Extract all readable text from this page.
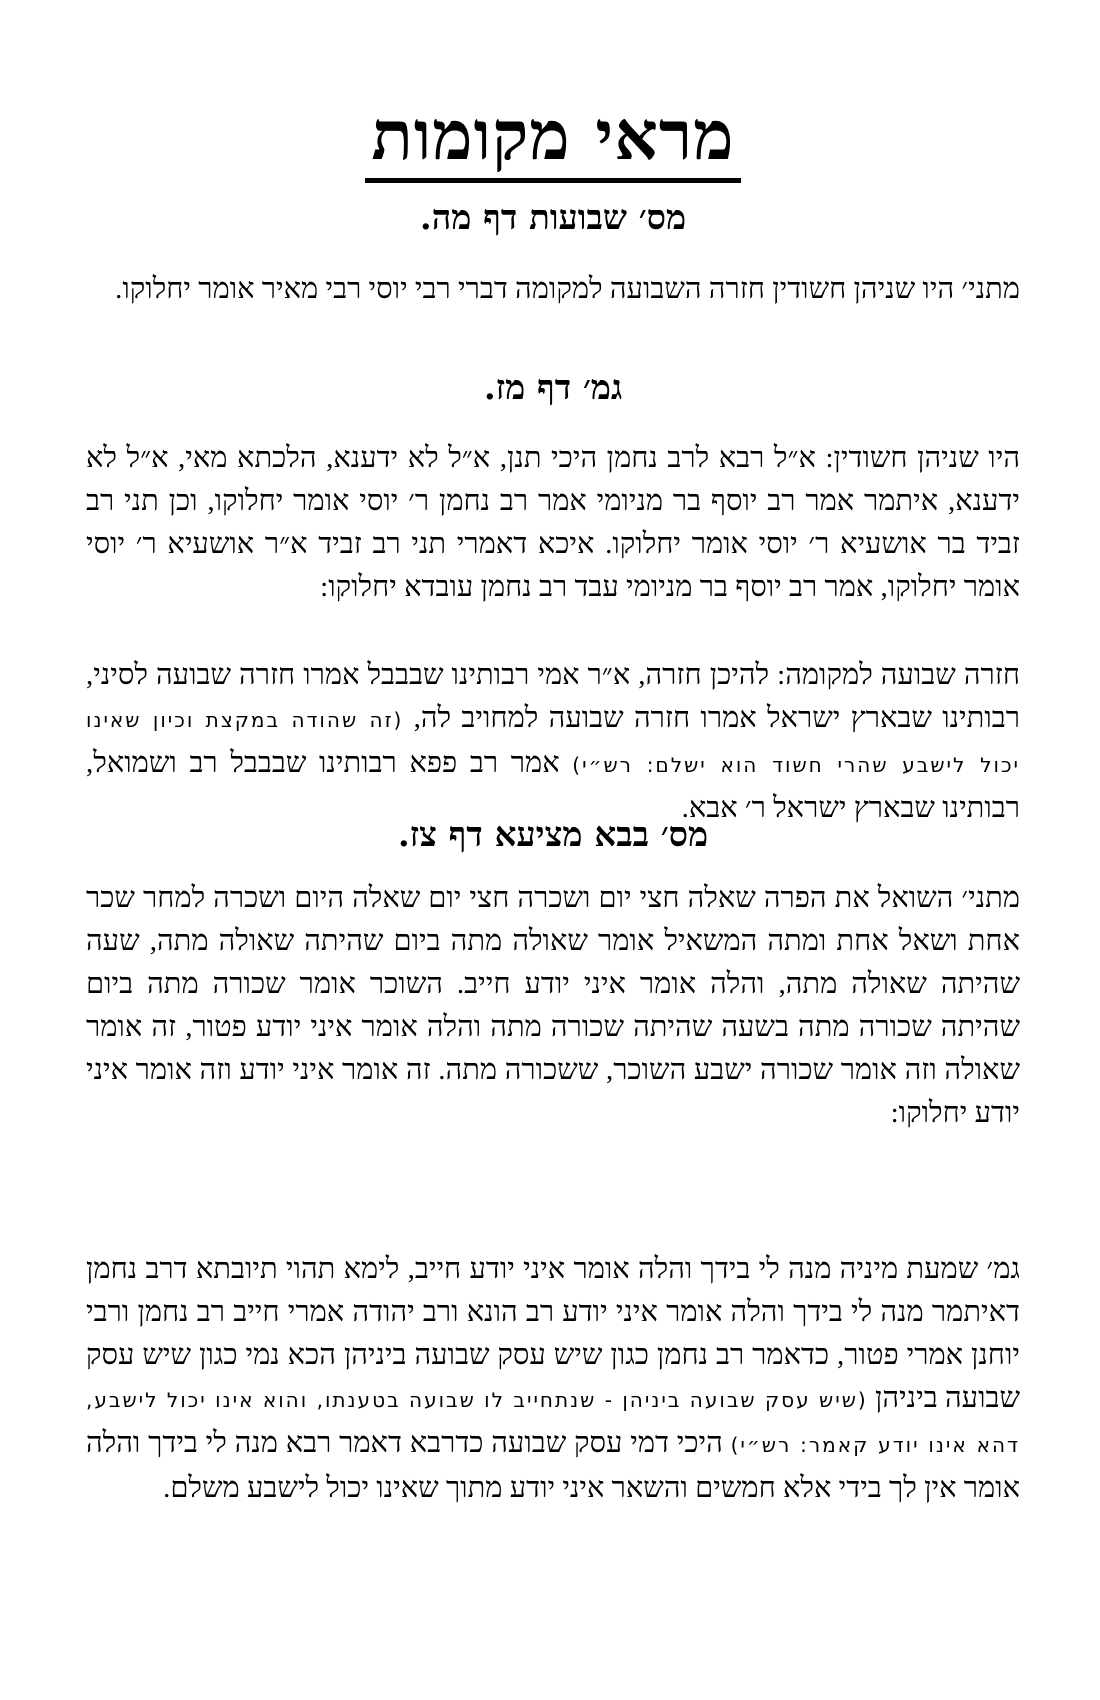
מראי מקומות
מס׳ שבועות דף מה.
מתני׳ היו שניהן חשודין חזרה השבועה למקומה דברי רבי יוסי רבי מאיר אומר יחלוקו.
גמ׳ דף מז.
היו שניהן חשודין: א״ל רבא לרב נחמן היכי תנן, א״ל לא ידענא, הלכתא מאי, א״ל לא ידענא, איתמר אמר רב יוסף בר מניומי אמר רב נחמן ר׳ יוסי אומר יחלוקו, וכן תני רב זביד בר אושעיא ר׳ יוסי אומר יחלוקו. איכא דאמרי תני רב זביד א״ר אושעיא ר׳ יוסי אומר יחלוקו, אמר רב יוסף בר מניומי עבד רב נחמן עובדא יחלוקו:
חזרה שבועה למקומה: להיכן חזרה, א״ר אמי רבותינו שבבבל אמרו חזרה שבועה לסיני, רבותינו שבארץ ישראל אמרו חזרה שבועה למחויב לה, (זה שהודה במקצת וכיון שאינו יכול לישבע שהרי חשוד הוא ישלם: רש״י) אמר רב פפא רבותינו שבבבל רב ושמואל, רבותינו שבארץ ישראל ר׳ אבא.
מס׳ בבא מציעא דף צז.
מתני׳ השואל את הפרה שאלה חצי יום ושכרה חצי יום שאלה היום ושכרה למחר שכר אחת ושאל אחת ומתה המשאיל אומר שאולה מתה ביום שהיתה שאולה מתה, שעה שהיתה שאולה מתה, והלה אומר איני יודע חייב. השוכר אומר שכורה מתה ביום שהיתה שכורה מתה בשעה שהיתה שכורה מתה והלה אומר איני יודע פטור, זה אומר שאולה וזה אומר שכורה ישבע השוכר, ששכורה מתה. זה אומר איני יודע וזה אומר איני יודע יחלוקו:
גמ׳ שמעת מיניה מנה לי בידך והלה אומר איני יודע חייב, לימא תהוי תיובתא דרב נחמן דאיתמר מנה לי בידך והלה אומר איני יודע רב הונא ורב יהודה אמרי חייב רב נחמן ורבי יוחנן אמרי פטור, כדאמר רב נחמן כגון שיש עסק שבועה ביניהן הכא נמי כגון שיש עסק שבועה ביניהן (שיש עסק שבועה ביניהן - שנתחייב לו שבועה בטענתו, והוא אינו יכול לישבע, דהא אינו יודע קאמר: רש״י) היכי דמי עסק שבועה כדרבא דאמר רבא מנה לי בידך והלה אומר אין לך בידי אלא חמשים והשאר איני יודע מתוך שאינו יכול לישבע משלם.
